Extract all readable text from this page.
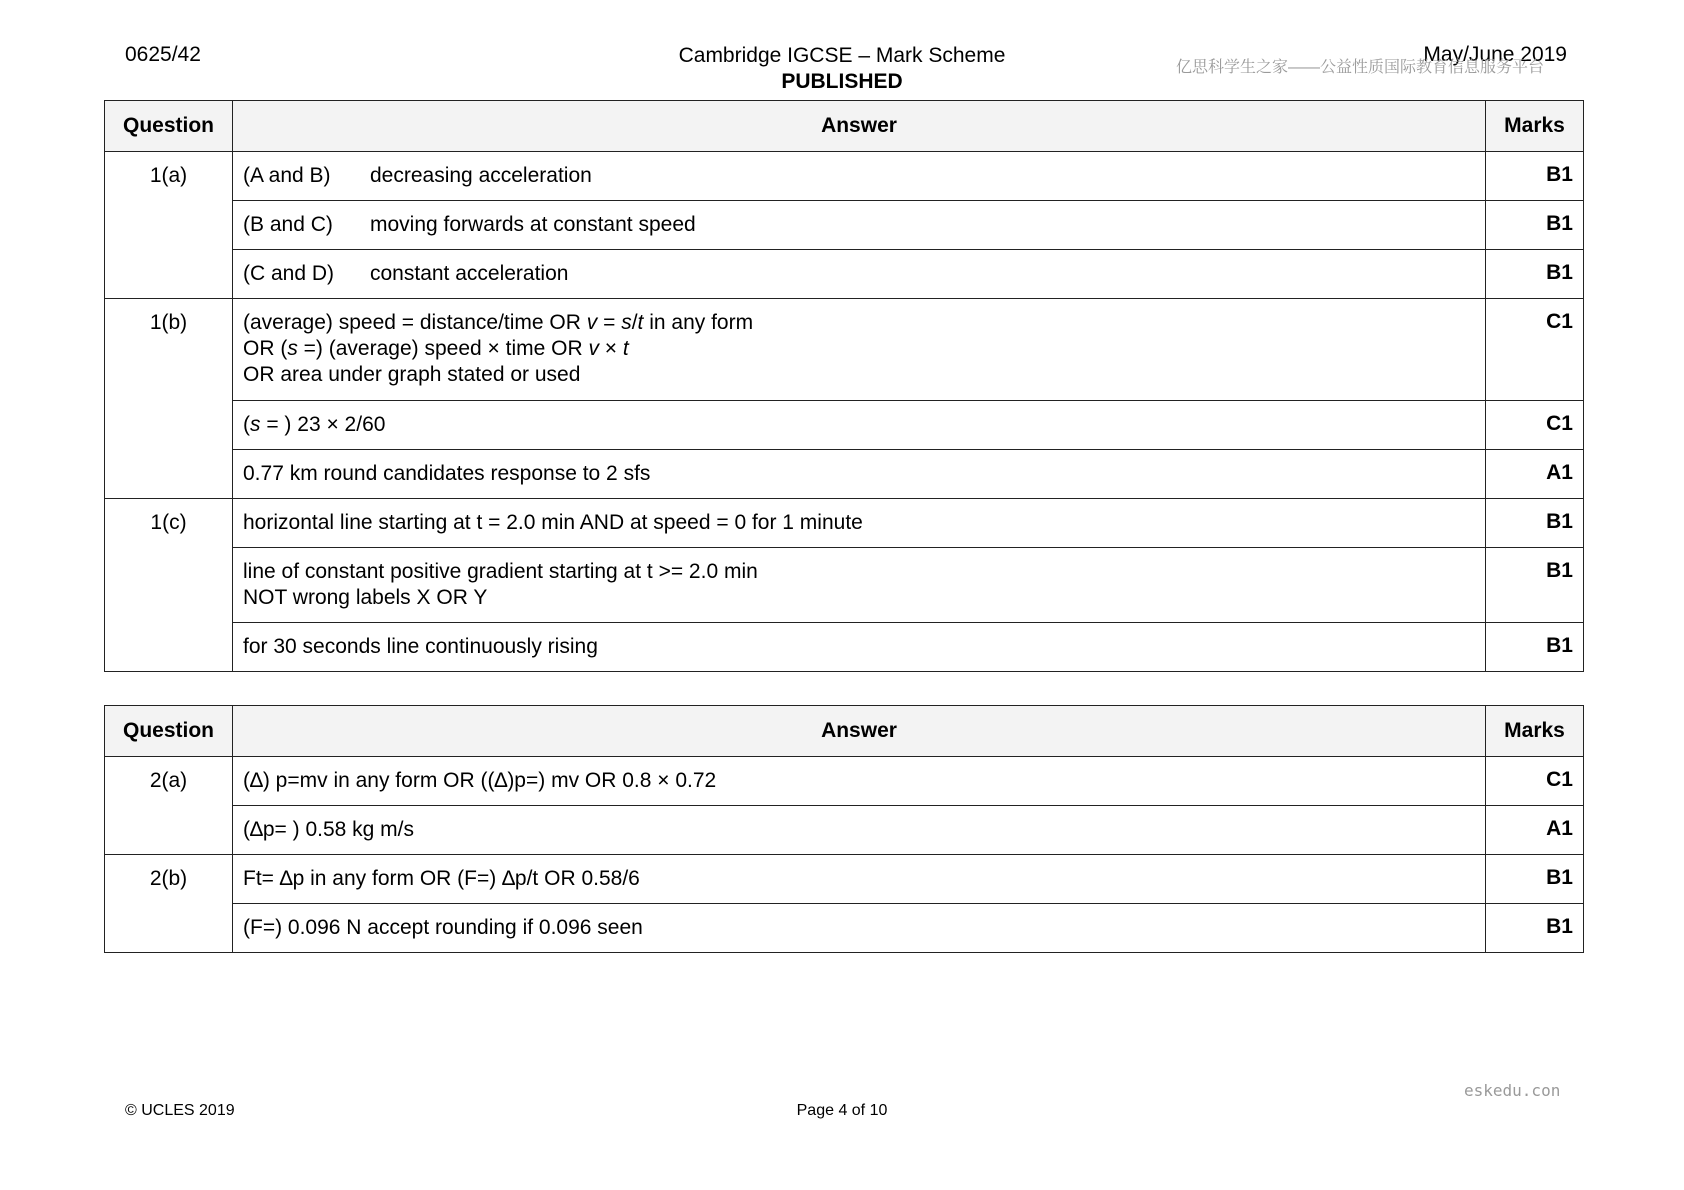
0625/42	Cambridge IGCSE – Mark Scheme
PUBLISHED
May/June 2019
亿思科学生之家——公益性质国际教育信息服务平台
Question	Answer	Marks
1(a)	(A and B) decreasing acceleration	B1
	(B and C) moving forwards at constant speed	B1
	(C and D) constant acceleration	B1
1(b)	(average) speed = distance/time OR v = s/t in any form
OR (s =) (average) speed × time OR v × t
OR area under graph stated or used	C1
	(s = ) 23 × 2/60	C1
	0.77 km round candidates response to 2 sfs	A1
1(c)	horizontal line starting at t = 2.0 min AND at speed = 0 for 1 minute	B1

	line of constant positive gradient starting at t >= 2.0 min
NOT wrong labels X OR Y	B1
	for 30 seconds line continuously rising	B1
Question	Answer	Marks
2(a)	(∆) p=mv in any form OR ((∆)p=) mv OR 0.8 × 0.72	C1
	(∆p= ) 0.58 kg m/s	A1
2(b)	Ft= ∆p in any form OR (F=) ∆p/t OR 0.58/6	B1
	(F=) 0.096 N accept rounding if 0.096 seen	B1
eskedu.con
© UCLES 2019	Page 4 of 10
